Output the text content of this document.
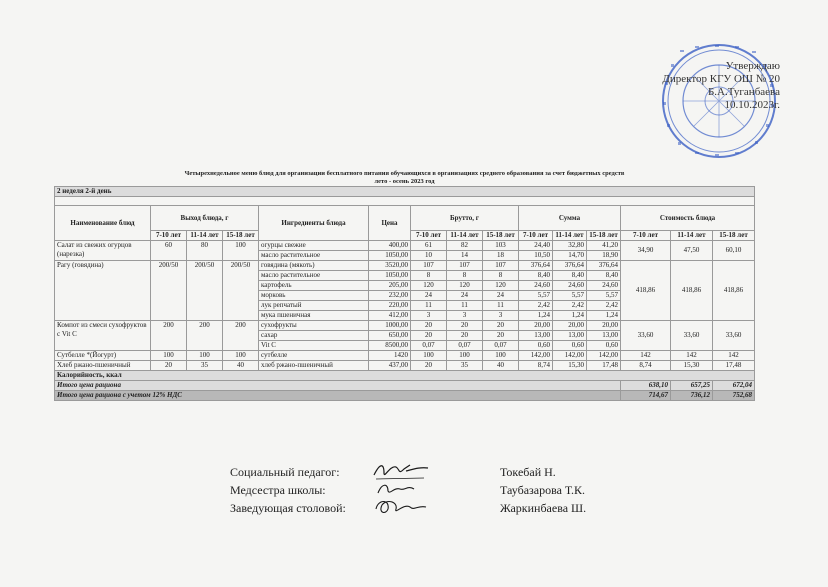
Утверждаю
Директор КГУ ОШ № 20
Б.А.Туганбаева
10.10.2023г.
Четырехнедельное меню блюд для организации бесплатного питания обучающихся в организациях среднего образования за счет бюджетных средств														
лето - осень 2023 год														
2 неделя 2-й день														

Наименование блюд	Выход блюда, г			Ингредиенты блюда	Цена	Брутто, г			Сумма			Стоимость блюда		
	7-10 лет	11-14 лет	15-18 лет			7-10 лет	11-14 лет	15-18 лет	7-10 лет	11-14 лет	15-18 лет	7-10 лет	11-14 лет	15-18 лет
Салат из свежих огурцов (нарезка)	60	80	100	огурцы свежие	400,00	61	82	103	24,40	32,80	41,20	34,90	47,50	60,10
				масло растительное	1050,00	10	14	18	10,50	14,70	18,90			
Рагу (говядина)	200/50	200/50	200/50	говядина (мякоть)	3520,00	107	107	107	376,64	376,64	376,64	418,86	418,86	418,86
				масло растительное	1050,00	8	8	8	8,40	8,40	8,40			
				картофель	205,00	120	120	120	24,60	24,60	24,60			
				морковь	232,00	24	24	24	5,57	5,57	5,57			
				лук репчатый	220,00	11	11	11	2,42	2,42	2,42			
				мука пшеничная	412,00	3	3	3	1,24	1,24	1,24			
Компот из смеси сухофруктов с Vit C	200	200	200	сухофрукты	1000,00	20	20	20	20,00	20,00	20,00	33,60	33,60	33,60
				сахар	650,00	20	20	20	13,00	13,00	13,00			
				Vit C	8500,00	0,07	0,07	0,07	0,60	0,60	0,60			
Сутбелле *(Йогурт)	100	100	100	сутбелле	1420	100	100	100	142,00	142,00	142,00	142	142	142
Хлеб ржано-пшеничный	20	35	40	хлеб ржано-пшеничный	437,00	20	35	40	8,74	15,30	17,48	8,74	15,30	17,48
Калорийность, ккал														
Итого цена рациона												638,10	657,25	672,04
Итого цена рациона с учетом 12% НДС												714,67	736,12	752,68
Социальный педагог:	Токебай Н.
Медсестра школы:	Таубазарова Т.К.
Заведующая столовой:	Жаркинбаева Ш.
